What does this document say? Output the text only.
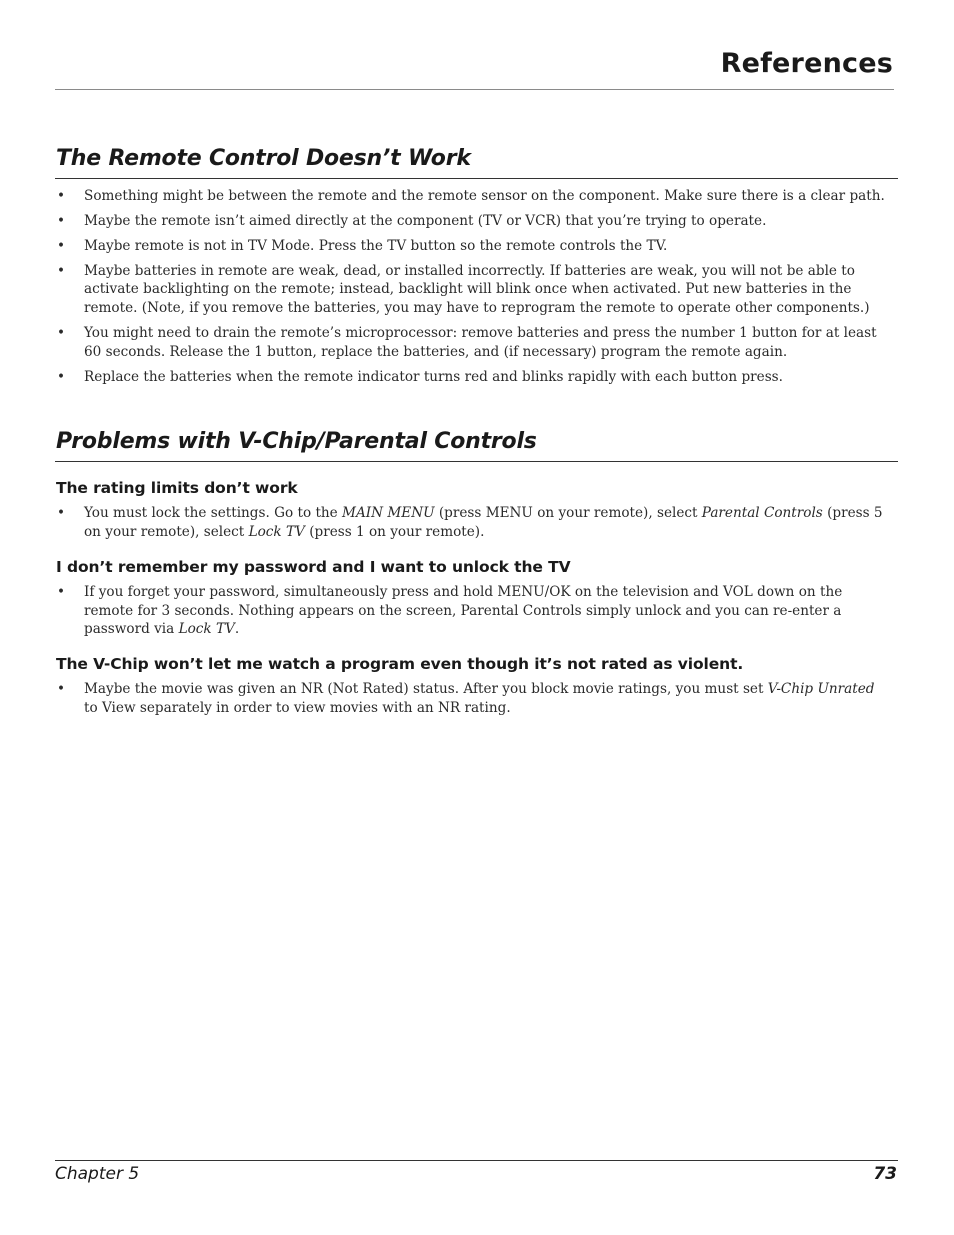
References
The Remote Control Doesn’t Work
• Something might be between the remote and the remote sensor on the component. Make sure there is a clear path.
• Maybe the remote isn’t aimed directly at the component (TV or VCR) that you’re trying to operate.
• Maybe remote is not in TV Mode. Press the TV button so the remote controls the TV.
• Maybe batteries in remote are weak, dead, or installed incorrectly. If batteries are weak, you will not be able to activate backlighting on the remote; instead, backlight will blink once when activated. Put new batteries in the remote. (Note, if you remove the batteries, you may have to reprogram the remote to operate other components.)
• You might need to drain the remote’s microprocessor: remove batteries and press the number 1 button for at least 60 seconds. Release the 1 button, replace the batteries, and (if necessary) program the remote again.
• Replace the batteries when the remote indicator turns red and blinks rapidly with each button press.
Problems with V-Chip/Parental Controls
The rating limits don’t work
• You must lock the settings. Go to the MAIN MENU (press MENU on your remote), select Parental Controls (press 5 on your remote), select Lock TV (press 1 on your remote).
I don’t remember my password and I want to unlock the TV
• If you forget your password, simultaneously press and hold MENU/OK on the television and VOL down on the remote for 3 seconds. Nothing appears on the screen, Parental Controls simply unlock and you can re-enter a password via Lock TV.
The V-Chip won’t let me watch a program even though it’s not rated as violent.
• Maybe the movie was given an NR (Not Rated) status. After you block movie ratings, you must set V-Chip Unrated to View separately in order to view movies with an NR rating.
Chapter 5	73
